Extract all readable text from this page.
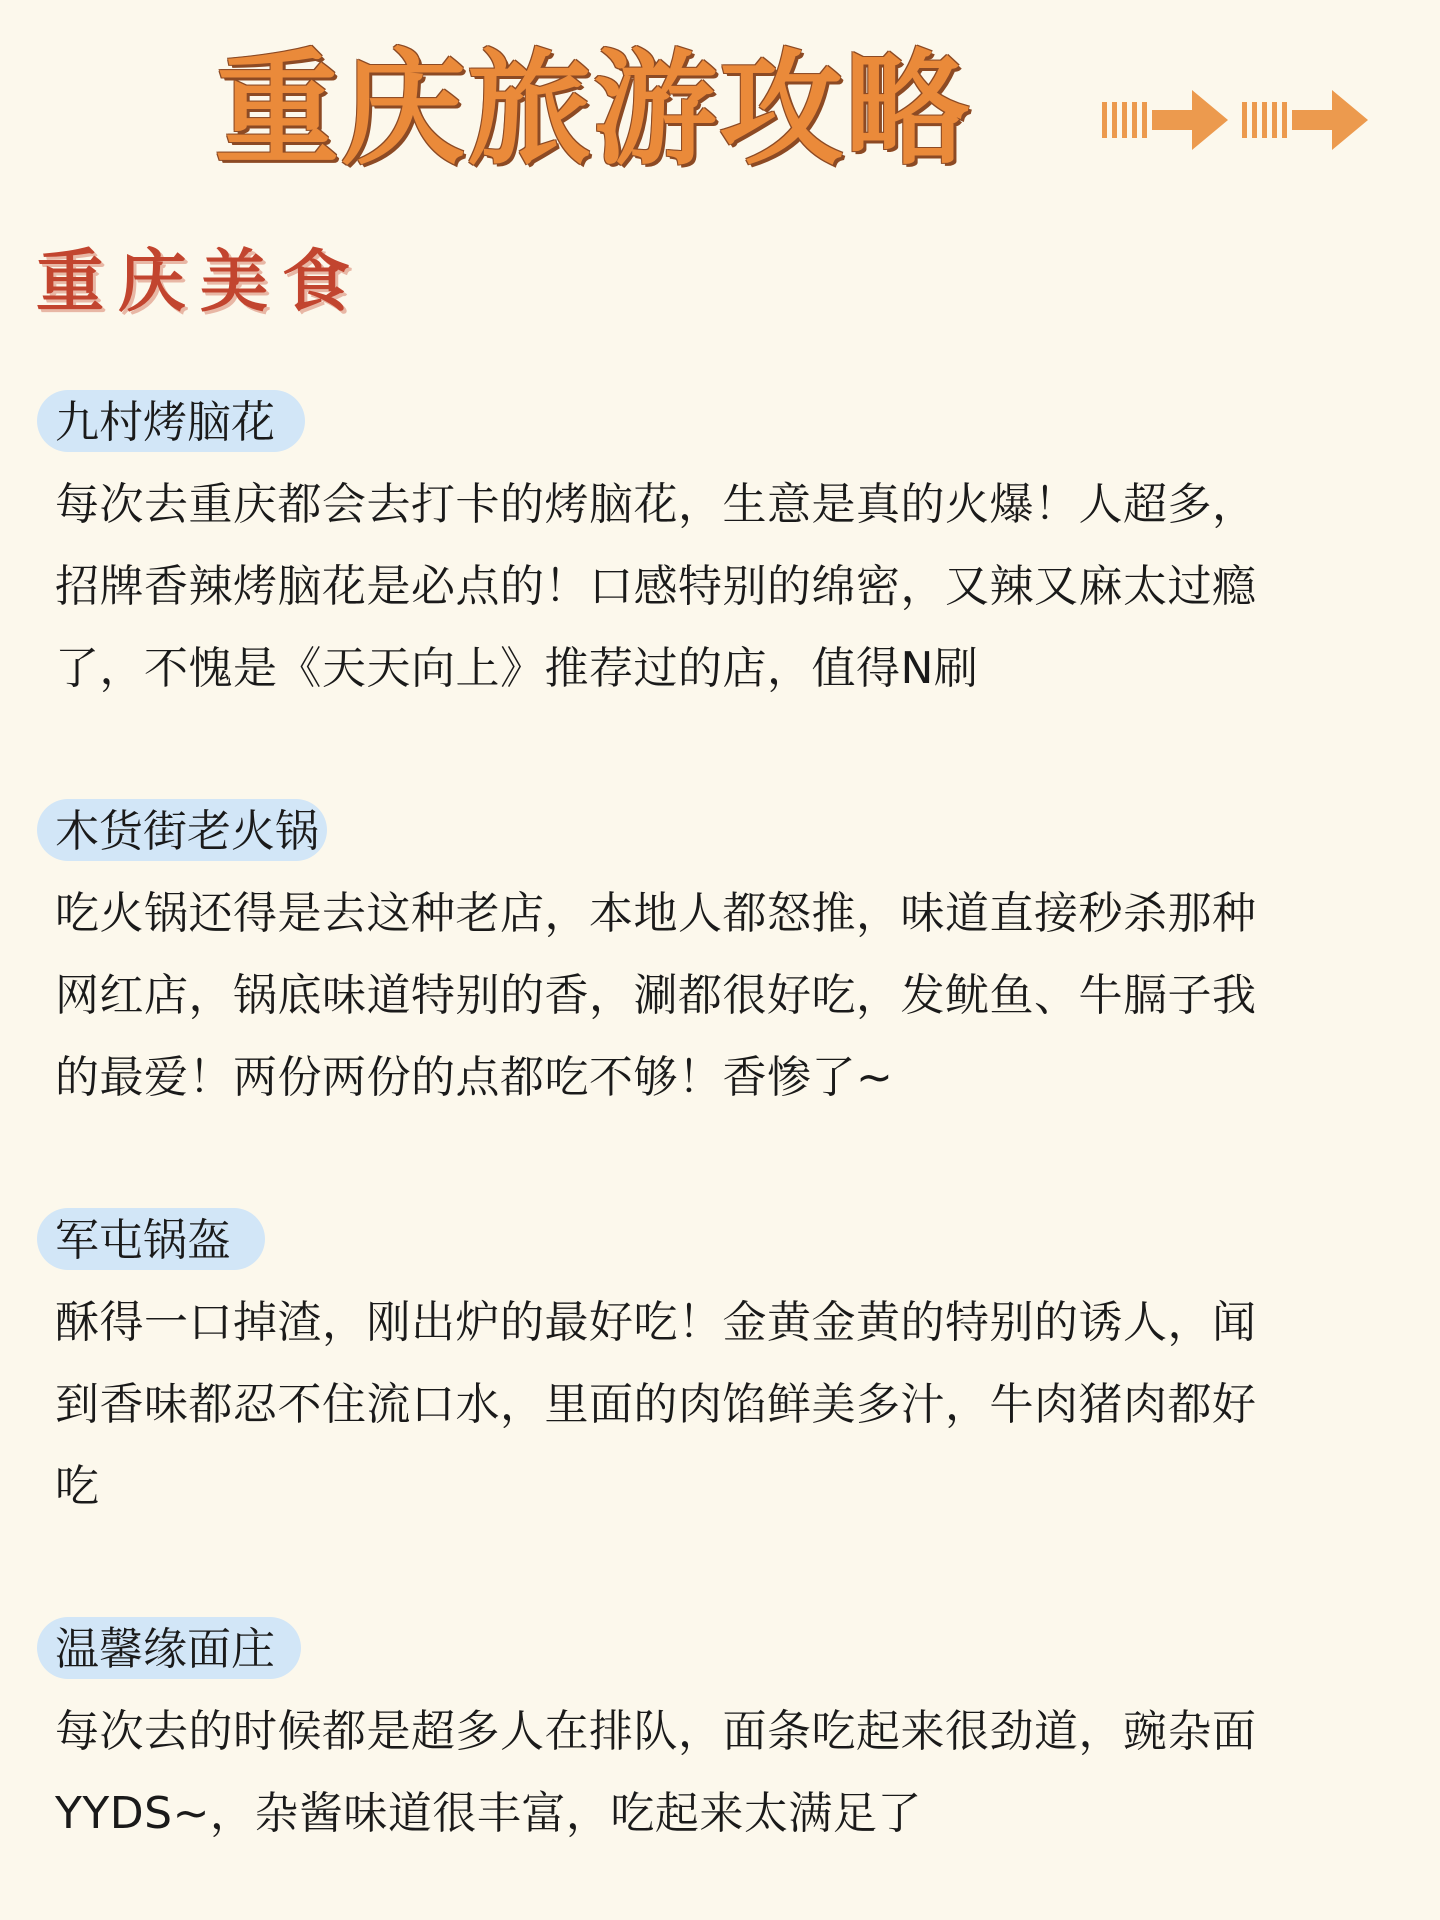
重庆旅游攻略
重庆美食
九村烤脑花

每次去重庆都会去打卡的烤脑花，生意是真的火爆！人超多，

招牌香辣烤脑花是必点的！口感特别的绵密，又辣又麻太过瘾

了，不愧是《天天向上》推荐过的店，值得N刷

木货街老火锅

吃火锅还得是去这种老店，本地人都怒推，味道直接秒杀那种

网红店，锅底味道特别的香，涮都很好吃，发鱿鱼、牛膈子我

的最爱！两份两份的点都吃不够！香惨了~

军屯锅盔

酥得一口掉渣，刚出炉的最好吃！金黄金黄的特别的诱人，闻

到香味都忍不住流口水，里面的肉馅鲜美多汁，牛肉猪肉都好

吃

温馨缘面庄

每次去的时候都是超多人在排队，面条吃起来很劲道，豌杂面

YYDS~，杂酱味道很丰富，吃起来太满足了
